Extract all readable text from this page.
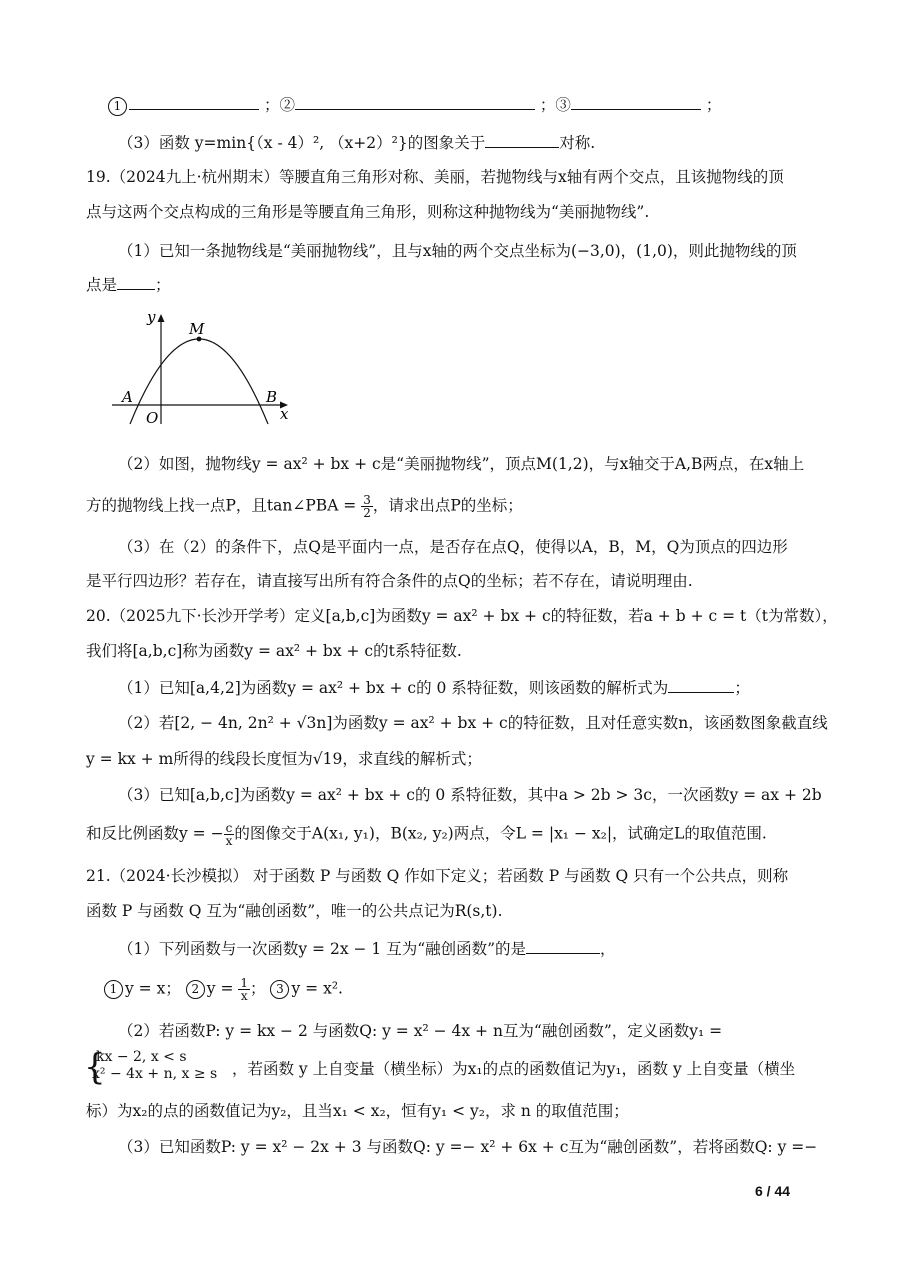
1	；②	；③	；
（3）函数 y=min{（x - 4）², （x+2）²}的图象关于	对称.
19.（2024九上·杭州期末）等腰直角三角形对称、美丽，若抛物线与x轴有两个交点，且该抛物线的顶
点与这两个交点构成的三角形是等腰直角三角形，则称这种抛物线为“美丽抛物线”.
（1）已知一条抛物线是“美丽抛物线”，且与x轴的两个交点坐标为(−3,0)，(1,0)，则此抛物线的顶
点是 ；
M
y
x
A	B
O
（2）如图，抛物线y = ax² + bx + c是“美丽抛物线”，顶点M(1,2)，与x轴交于A,B两点，在x轴上
方的抛物线上找一点P，且tan∠PBA = $\frac{3}{2}$ ，请求出点P的坐标；
（3）在（2）的条件下，点Q是平面内一点，是否存在点Q，使得以A，B，M，Q为顶点的四边形
是平行四边形？若存在，请直接写出所有符合条件的点Q的坐标；若不存在，请说明理由.
20.（2025九下·长沙开学考）定义[a,b,c]为函数y = ax² + bx + c的特征数，若a + b + c = t（t为常数），
我们将[a,b,c]称为函数y = ax² + bx + c的t系特征数.
（1）已知[a,4,2]为函数y = ax² + bx + c的 0 系特征数，则该函数的解析式为	；
（2）若[2, − 4n, 2n² + √3n]为函数y = ax² + bx + c的特征数，且对任意实数n，该函数图象截直线
y = kx + m所得的线段长度恒为√19，求直线的解析式；
（3）已知[a,b,c]为函数y = ax² + bx + c的 0 系特征数，其中a > 2b > 3c，一次函数y = ax + 2b
和反比例函数y = − $\frac{c}{x}$ 的图像交于A(x₁, y₁)，B(x₂, y₂)两点，令L = |x₁ − x₂|，试确定L的取值范围.
21.（2024·长沙模拟） 对于函数 P 与函数 Q 作如下定义；若函数 P 与函数 Q 只有一个公共点，则称
函数 P 与函数 Q 互为“融创函数”，唯一的公共点记为R(s,t).
（1）下列函数与一次函数y = 2x − 1 互为“融创函数”的是	，
1 y = x； 2 $y = \frac{1}{x}$ ； 3 y = x².
（2）若函数P: y = kx − 2 与函数Q: y = x² − 4x + n互为“融创函数”，定义函数y₁ =
{
kx − 2, x < s
x² − 4x + n, x ≥ s ，若函数 y 上自变量（横坐标）为x₁的点的函数值记为y₁，函数 y 上自变量（横坐
标）为x₂的点的函数值记为y₂，且当x₁ < x₂，恒有y₁ < y₂，求 n 的取值范围；
（3）已知函数P: y = x² − 2x + 3 与函数Q: y =− x² + 6x + c互为“融创函数”，若将函数Q: y =−
6 / 44
